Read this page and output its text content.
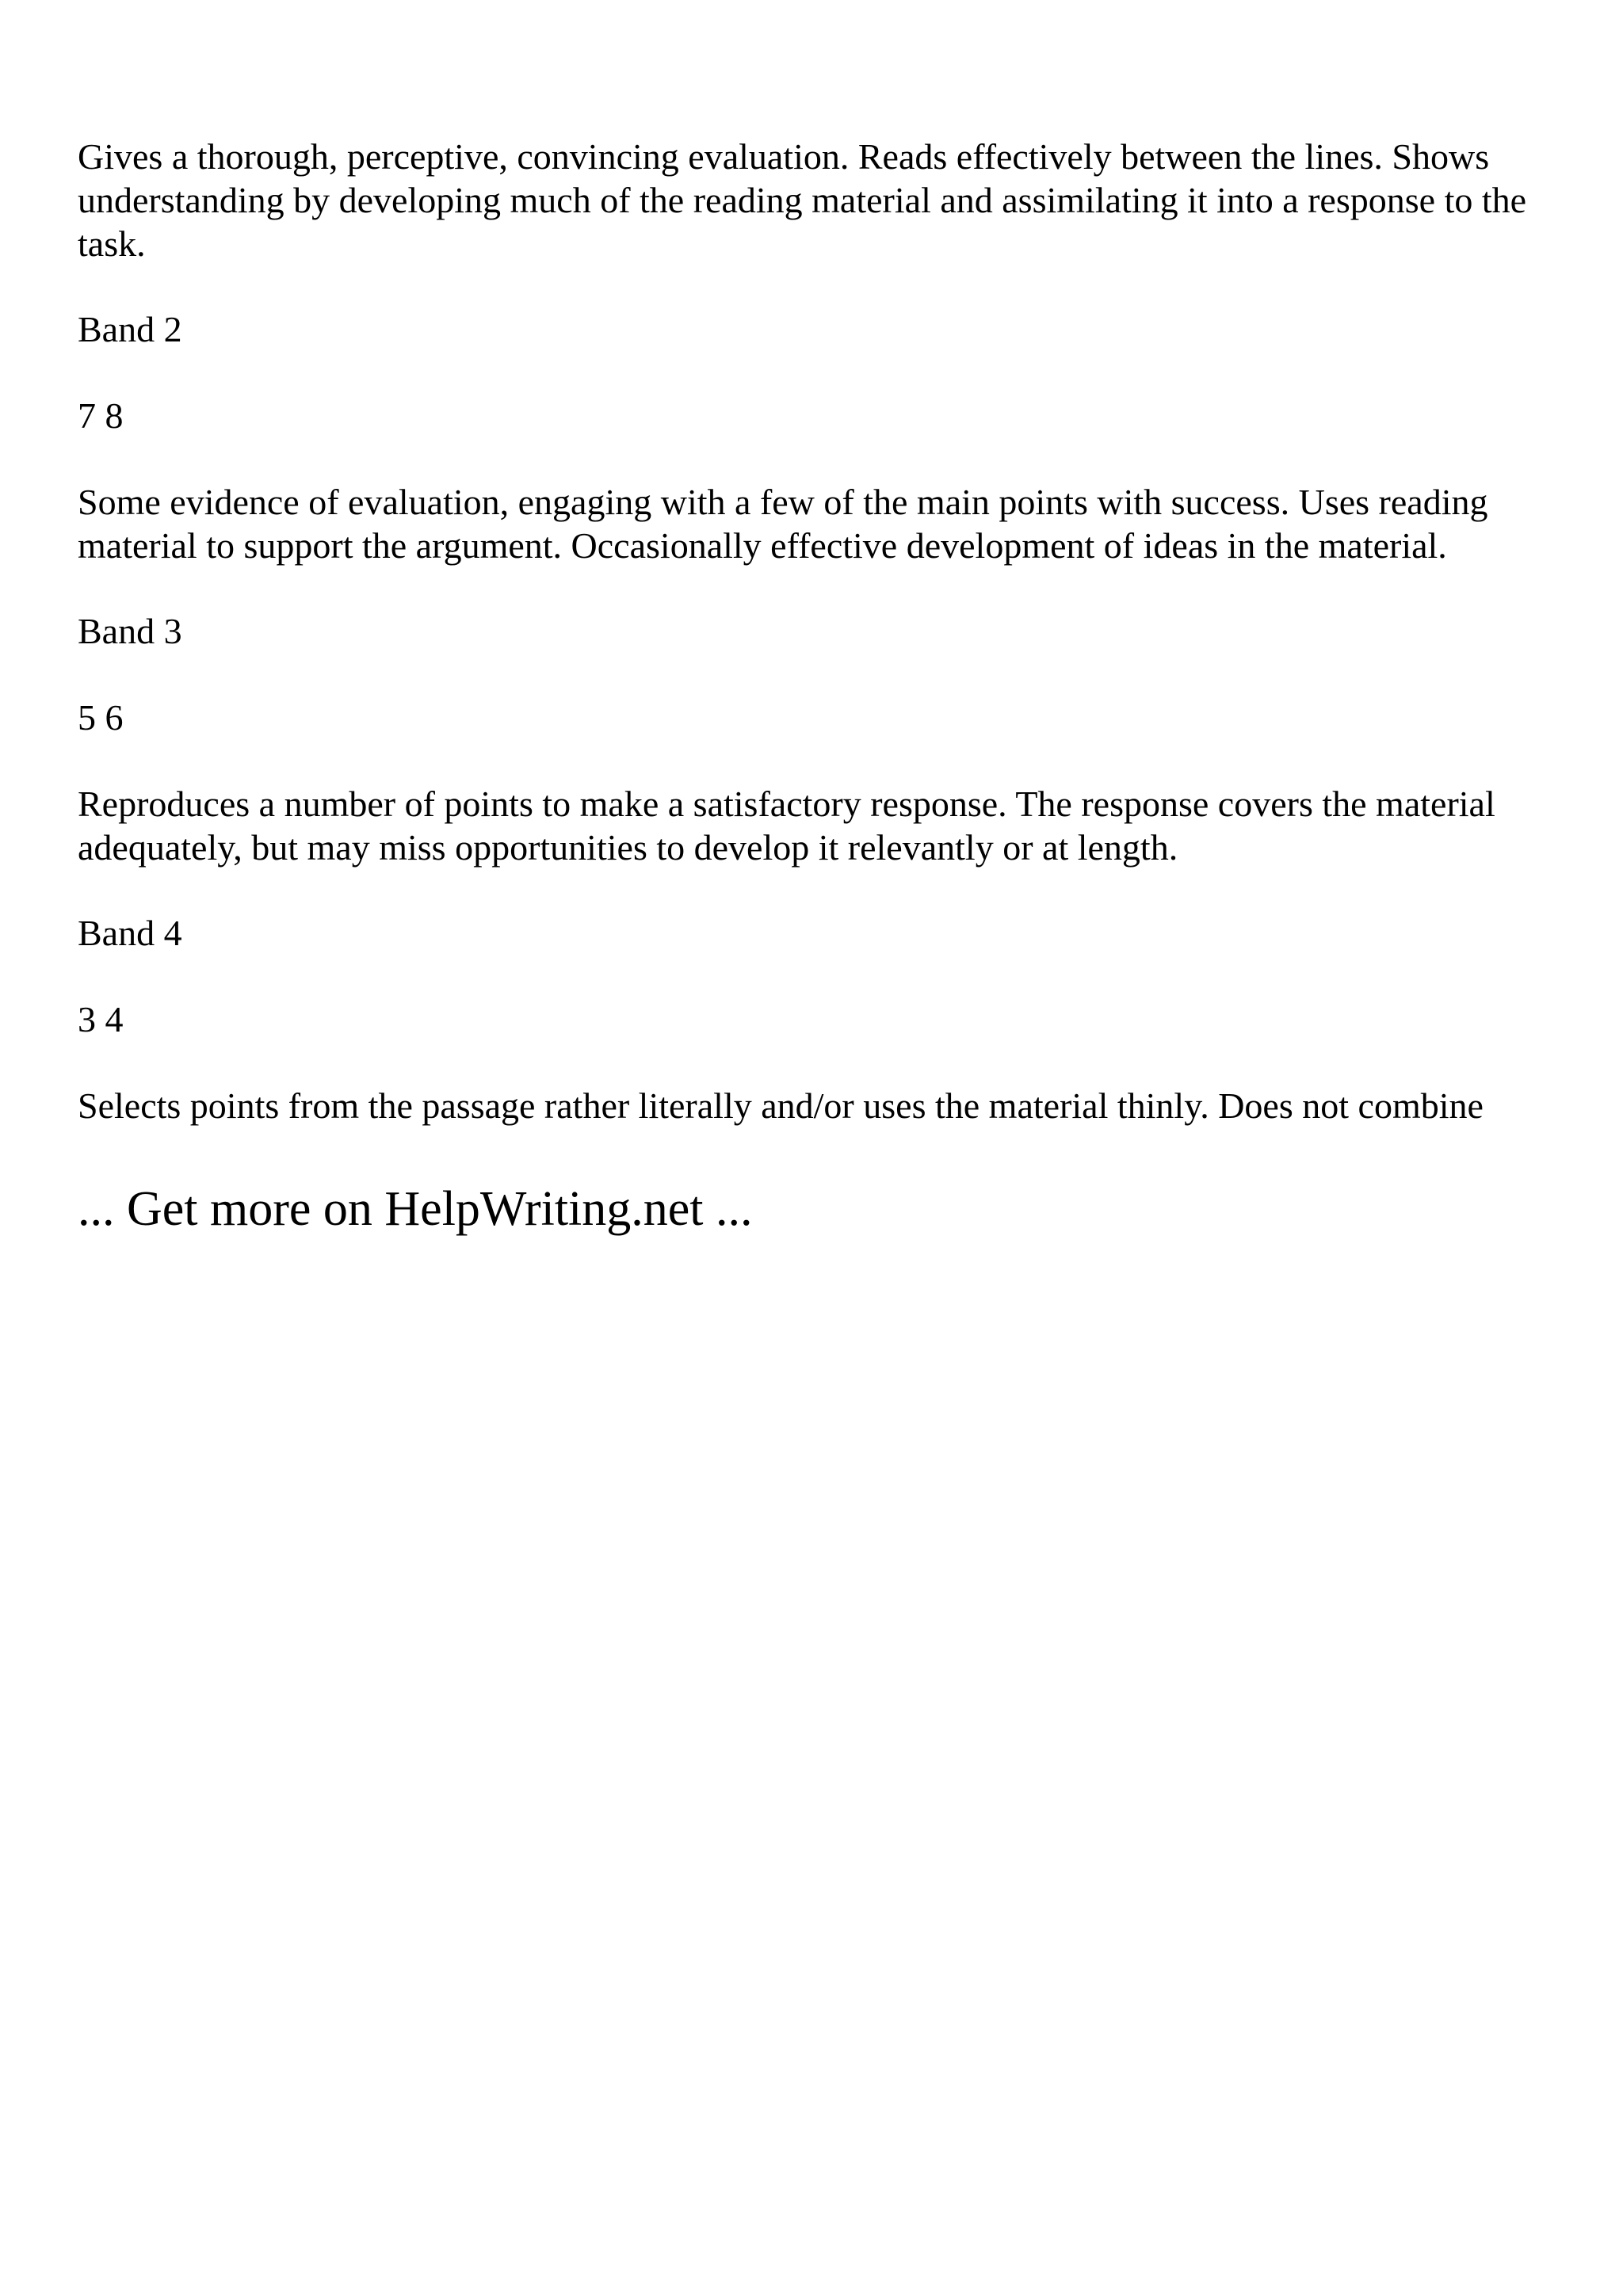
Gives a thorough, perceptive, convincing evaluation. Reads effectively between the lines. Shows understanding by developing much of the reading material and assimilating it into a response to the task.

Band 2

7 8

Some evidence of evaluation, engaging with a few of the main points with success. Uses reading material to support the argument. Occasionally effective development of ideas in the material.

Band 3

5 6

Reproduces a number of points to make a satisfactory response. The response covers the material adequately, but may miss opportunities to develop it relevantly or at length.

Band 4

3 4

Selects points from the passage rather literally and/or uses the material thinly. Does not combine

... Get more on HelpWriting.net ...
